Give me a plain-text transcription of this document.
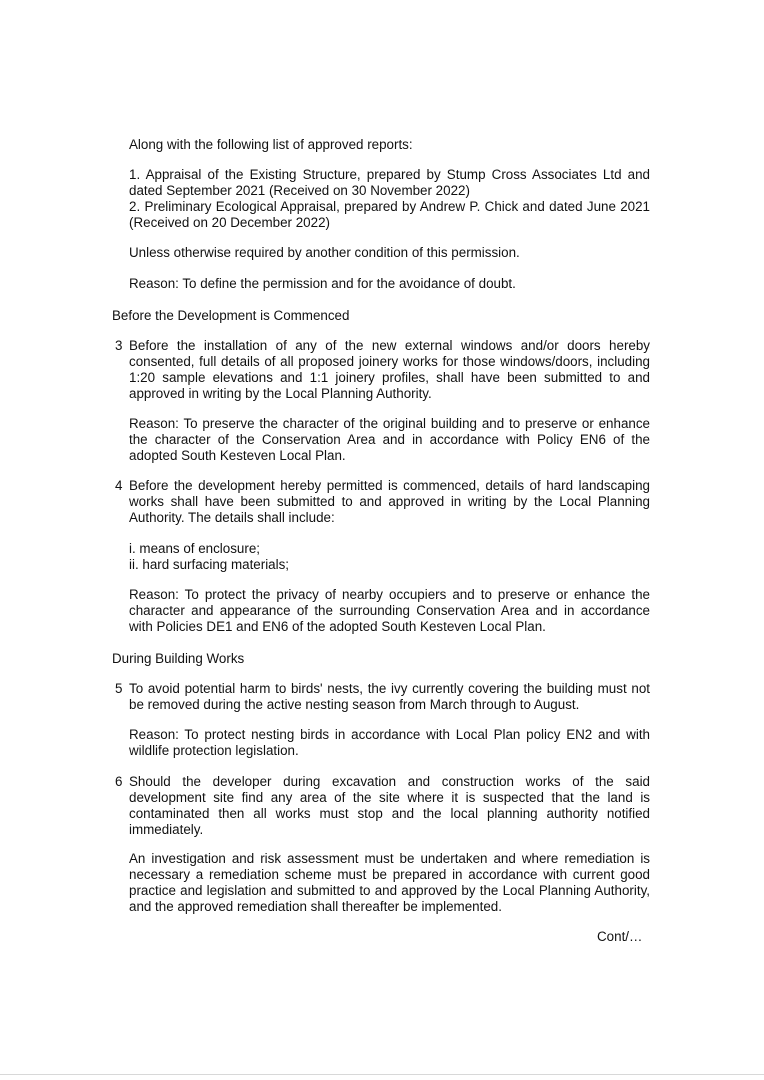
Along with the following list of approved reports:

1. Appraisal of the Existing Structure, prepared by Stump Cross Associates Ltd and dated September 2021 (Received on 30 November 2022)

2. Preliminary Ecological Appraisal, prepared by Andrew P. Chick and dated June 2021 (Received on 20 December 2022)

Unless otherwise required by another condition of this permission.

Reason: To define the permission and for the avoidance of doubt.

Before the Development is Commenced

3 Before the installation of any of the new external windows and/or doors hereby consented, full details of all proposed joinery works for those windows/doors, including 1:20 sample elevations and 1:1 joinery profiles, shall have been submitted to and approved in writing by the Local Planning Authority.

Reason: To preserve the character of the original building and to preserve or enhance the character of the Conservation Area and in accordance with Policy EN6 of the adopted South Kesteven Local Plan.

4 Before the development hereby permitted is commenced, details of hard landscaping works shall have been submitted to and approved in writing by the Local Planning Authority. The details shall include:

i. means of enclosure;

ii. hard surfacing materials;

Reason: To protect the privacy of nearby occupiers and to preserve or enhance the character and appearance of the surrounding Conservation Area and in accordance with Policies DE1 and EN6 of the adopted South Kesteven Local Plan.

During Building Works

5 To avoid potential harm to birds' nests, the ivy currently covering the building must not be removed during the active nesting season from March through to August.

Reason: To protect nesting birds in accordance with Local Plan policy EN2 and with wildlife protection legislation.

6 Should the developer during excavation and construction works of the said development site find any area of the site where it is suspected that the land is contaminated then all works must stop and the local planning authority notified immediately.

An investigation and risk assessment must be undertaken and where remediation is necessary a remediation scheme must be prepared in accordance with current good practice and legislation and submitted to and approved by the Local Planning Authority, and the approved remediation shall thereafter be implemented.

Cont/…
